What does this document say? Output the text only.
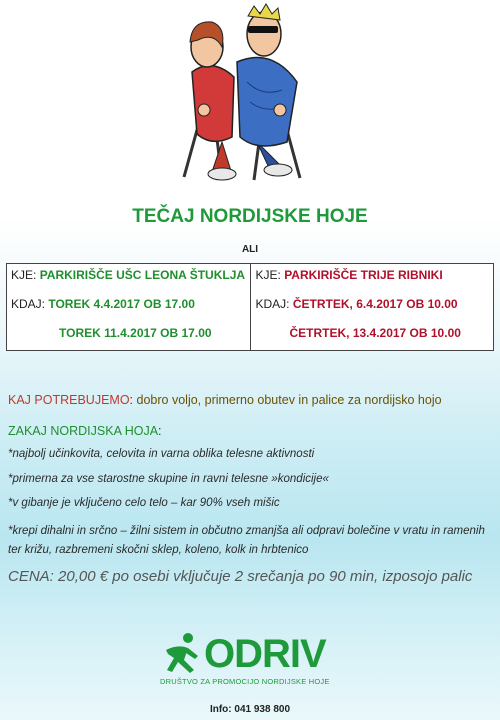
TEČAJ NORDIJSKE HOJE
ALI
KJE: PARKIRIŠČE UŠC LEONA ŠTUKLJA
KDAJ: TOREK 4.4.2017 OB 17.00
TOREK 11.4.2017 OB 17.00
KJE: PARKIRIŠČE TRIJE RIBNIKI
KDAJ: ČETRTEK, 6.4.2017 OB 10.00
ČETRTEK, 13.4.2017 OB 10.00
KAJ POTREBUJEMO: dobro voljo, primerno obutev in palice za nordijsko hojo
ZAKAJ NORDIJSKA HOJA:
*najbolj učinkovita, celovita in varna oblika telesne aktivnosti
*primerna za vse starostne skupine in ravni telesne »kondicije«
*v gibanje je vključeno celo telo – kar 90% vseh mišic
*krepi dihalni in srčno – žilni sistem in občutno zmanjša ali odpravi bolečine v vratu in ramenih ter križu, razbremeni skočni sklep, koleno, kolk in hrbtenico
CENA: 20,00 € po osebi vključuje 2 srečanja po 90 min, izposojo palic
ODRIV
DRUŠTVO ZA PROMOCIJO NORDIJSKE HOJE
Info: 041 938 800
